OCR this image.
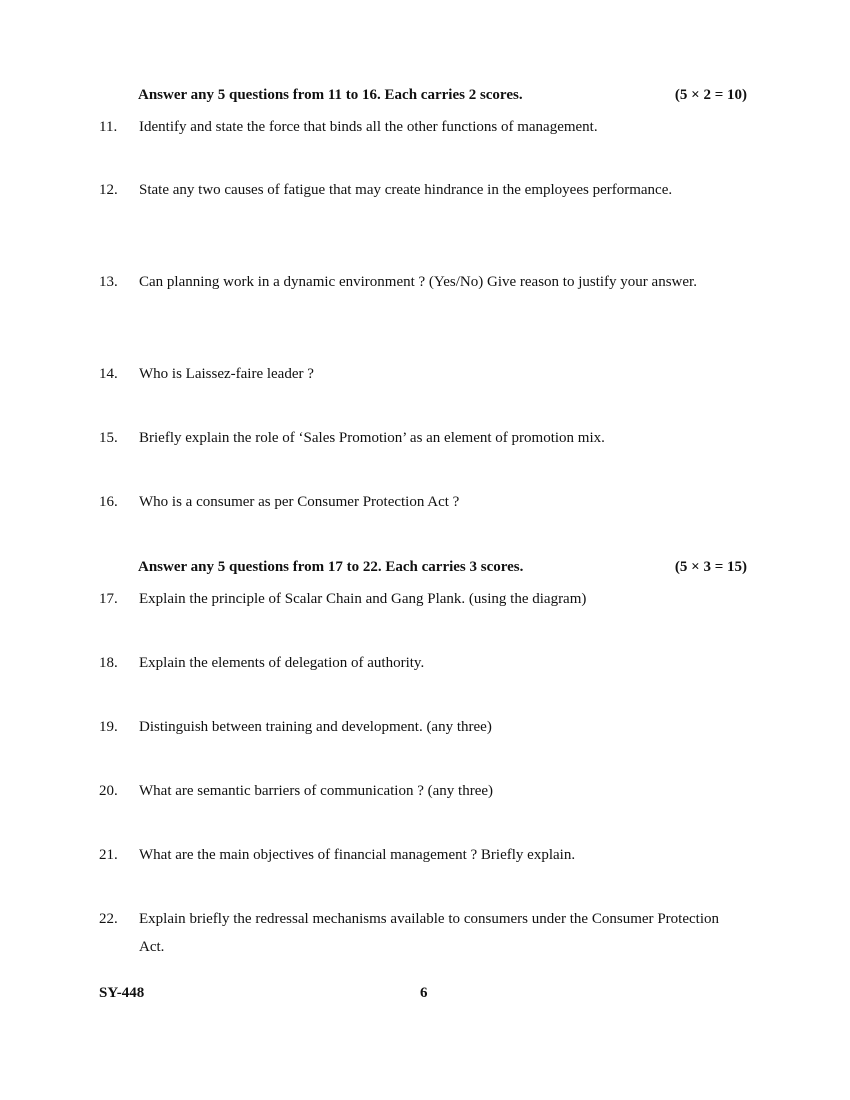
Answer any 5 questions from 11 to 16. Each carries 2 scores.	(5 × 2 = 10)
11.	Identify and state the force that binds all the other functions of management.
12.	State any two causes of fatigue that may create hindrance in the employees performance.
13.	Can planning work in a dynamic environment ? (Yes/No) Give reason to justify your answer.
14.	Who is Laissez-faire leader ?
15.	Briefly explain the role of ‘Sales Promotion’ as an element of promotion mix.
16.	Who is a consumer as per Consumer Protection Act ?
Answer any 5 questions from 17 to 22. Each carries 3 scores.	(5 × 3 = 15)
17.	Explain the principle of Scalar Chain and Gang Plank. (using the diagram)
18.	Explain the elements of delegation of authority.
19.	Distinguish between training and development. (any three)
20.	What are semantic barriers of communication ? (any three)
21.	What are the main objectives of financial management ? Briefly explain.
22.	Explain briefly the redressal mechanisms available to consumers under the Consumer Protection Act.
SY-448	6
